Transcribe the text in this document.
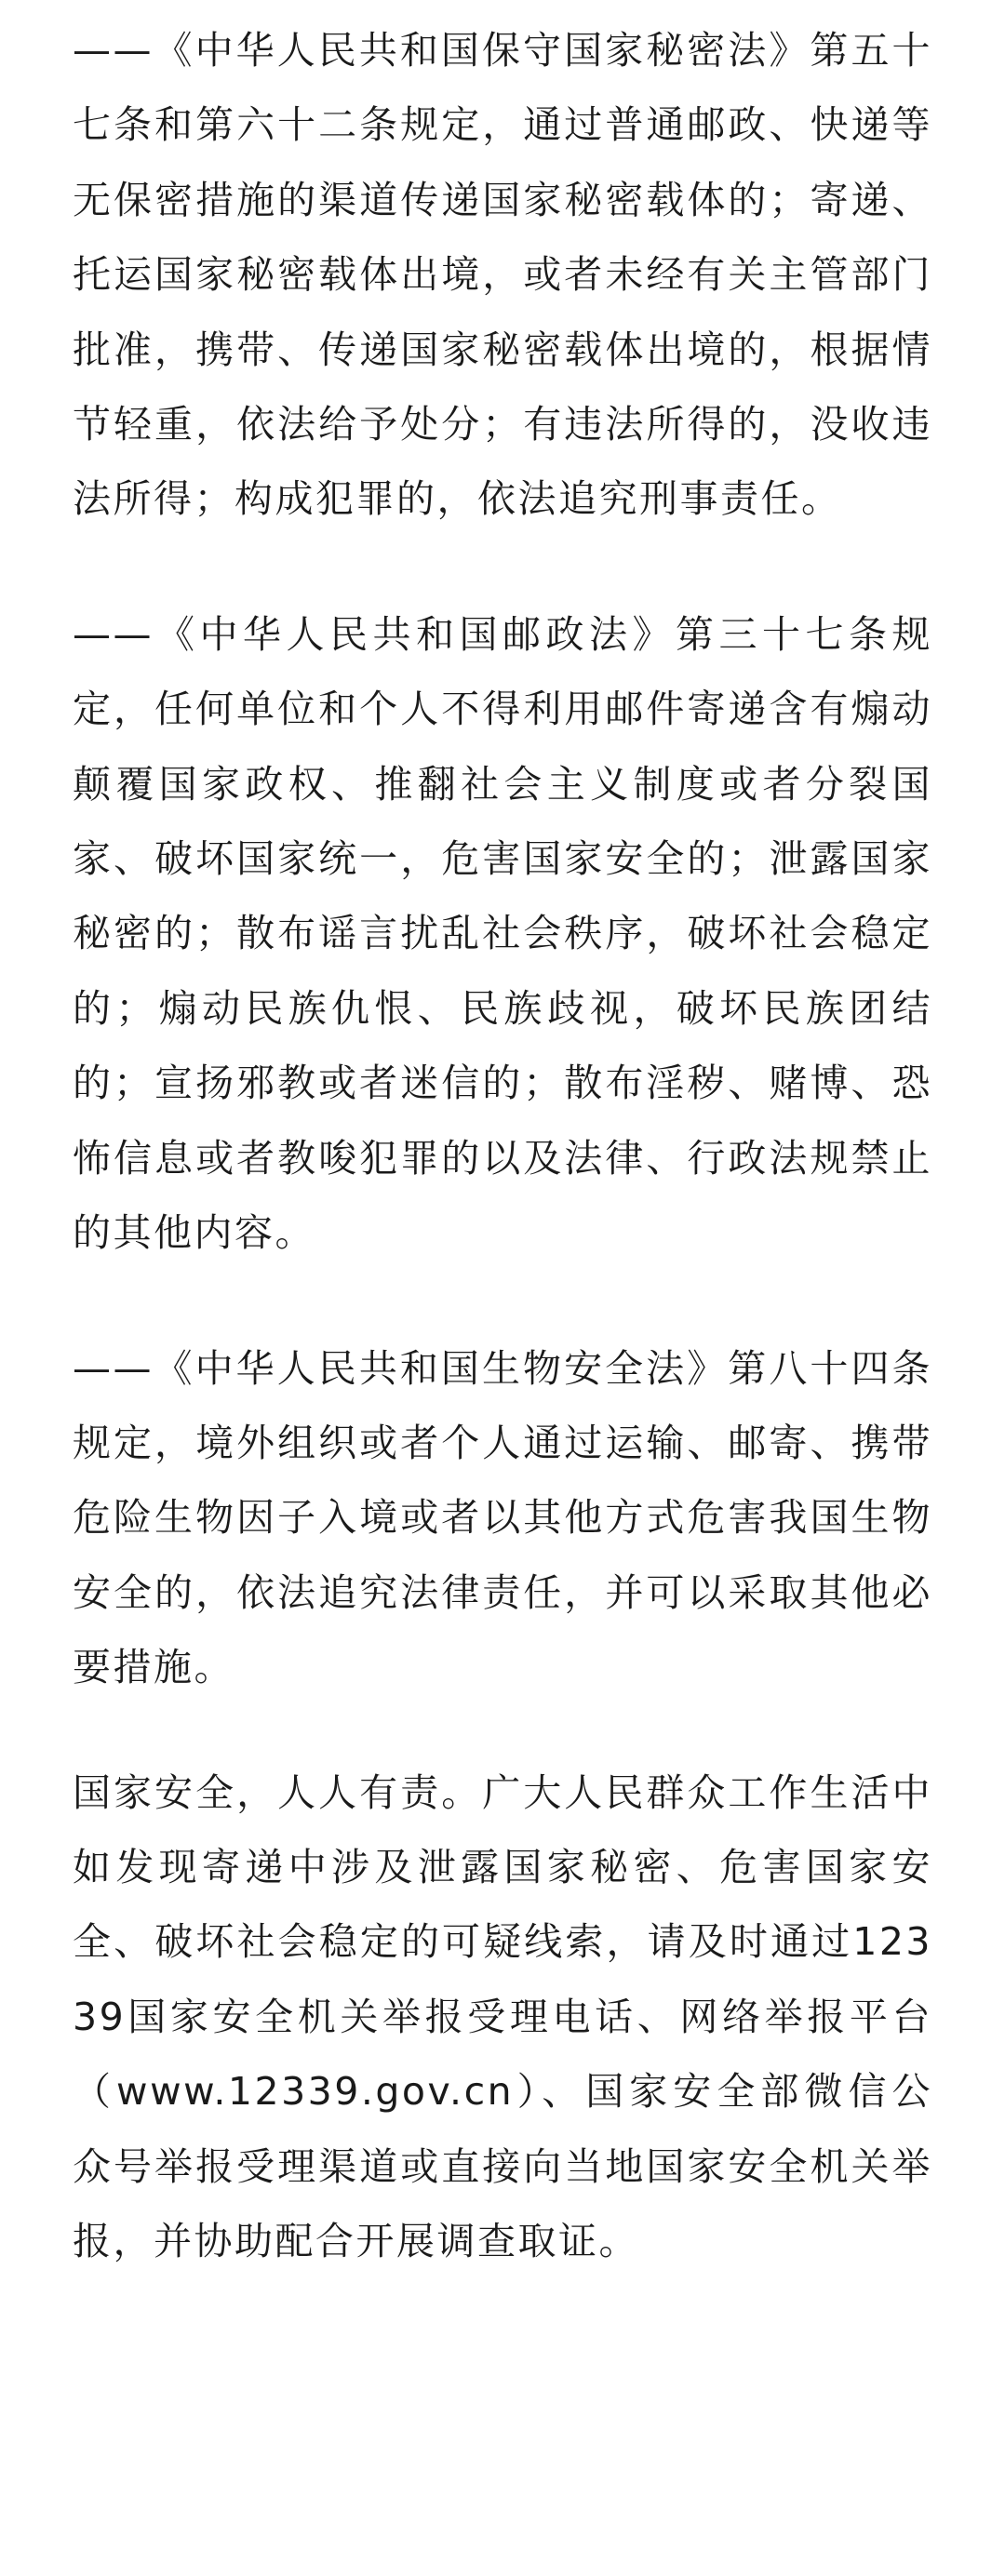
——《中华人民共和国保守国家秘密法》第五十七条和第六十二条规定，通过普通邮政、快递等无保密措施的渠道传递国家秘密载体的；寄递、托运国家秘密载体出境，或者未经有关主管部门批准，携带、传递国家秘密载体出境的，根据情节轻重，依法给予处分；有违法所得的，没收违法所得；构成犯罪的，依法追究刑事责任。

——《中华人民共和国邮政法》第三十七条规定，任何单位和个人不得利用邮件寄递含有煽动颠覆国家政权、推翻社会主义制度或者分裂国家、破坏国家统一，危害国家安全的；泄露国家秘密的；散布谣言扰乱社会秩序，破坏社会稳定的；煽动民族仇恨、民族歧视，破坏民族团结的；宣扬邪教或者迷信的；散布淫秽、赌博、恐怖信息或者教唆犯罪的以及法律、行政法规禁止的其他内容。

——《中华人民共和国生物安全法》第八十四条规定，境外组织或者个人通过运输、邮寄、携带危险生物因子入境或者以其他方式危害我国生物安全的，依法追究法律责任，并可以采取其他必要措施。

国家安全，人人有责。广大人民群众工作生活中如发现寄递中涉及泄露国家秘密、危害国家安全、破坏社会稳定的可疑线索，请及时通过12339国家安全机关举报受理电话、网络举报平台（www.12339.gov.cn）、国家安全部微信公众号举报受理渠道或直接向当地国家安全机关举报，并协助配合开展调查取证。
